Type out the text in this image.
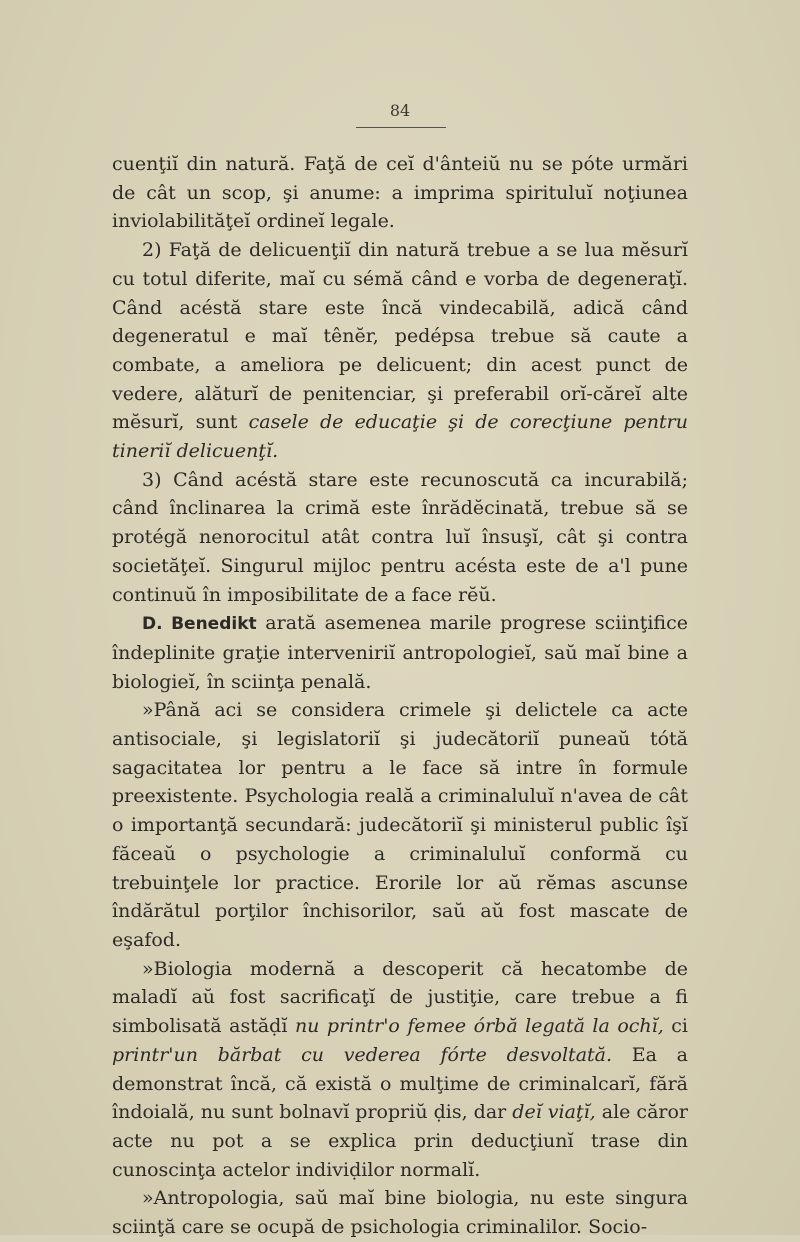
84

cuenţiĭ din natură. Faţă de ceĭ d'ânteiŭ nu se póte urmări de cât un scop, şi anume: a imprima spirituluĭ noţiunea inviolabilităţeĭ ordineĭ legale.

2) Faţă de delicuenţiĭ din natură trebue a se lua mĕsurĭ cu totul diferite, maĭ cu sémă când e vorba de degeneraţĭ. Când acéstă stare este încă vindecabilă, adică când degeneratul e maĭ tênĕr, pedépsa trebue să caute a combate, a ameliora pe delicuent; din acest punct de vedere, alăturĭ de penitenciar, şi preferabil orĭ-căreĭ alte mĕsurĭ, sunt casele de educaţie şi de corecţiune pentru tineriĭ delicuenţĭ.

3) Când acéstă stare este recunoscută ca incurabilă; când înclinarea la crimă este înrădĕcinată, trebue să se protégă nenorocitul atât contra luĭ însuşĭ, cât şi contra societăţeĭ. Singurul mijloc pentru acésta este de a'l pune continuŭ în imposibilitate de a face rĕŭ.

D. Benedikt arată asemenea marile progrese sciinţifice îndeplinite graţie interveniriĭ antropologieĭ, saŭ maĭ bine a biologieĭ, în sciinţa penală.

»Până aci se considera crimele şi delictele ca acte antisociale, şi legislatoriĭ şi judecătoriĭ puneaŭ tótă sagacitatea lor pentru a le face să intre în formule preexistente. Psychologia reală a criminaluluĭ n'avea de cât o importanţă secundară: judecătoriĭ şi ministerul public îşĭ făceaŭ o psychologie a criminaluluĭ conformă cu trebuinţele lor practice. Erorile lor aŭ rĕmas ascunse îndărătul porţilor închisorilor, saŭ aŭ fost mascate de eşafod.

»Biologia modernă a descoperit că hecatombe de maladĭ aŭ fost sacrificaţĭ de justiţie, care trebue a fi simbolisată astăḍĭ nu printr'o femee órbă legată la ochĭ, ci printr'un bărbat cu vederea fórte desvoltată. Ea a demonstrat încă, că există o mulţime de criminalcarĭ, fără îndoială, nu sunt bolnavĭ propriŭ ḍis, dar deĭ viaţĭ, ale căror acte nu pot a se explica prin deducţiunĭ trase din cunoscinţa actelor indiviḍilor normalĭ.

»Antropologia, saŭ maĭ bine biologia, nu este singura sciinţă care se ocupă de psichologia criminalilor. Socio-
